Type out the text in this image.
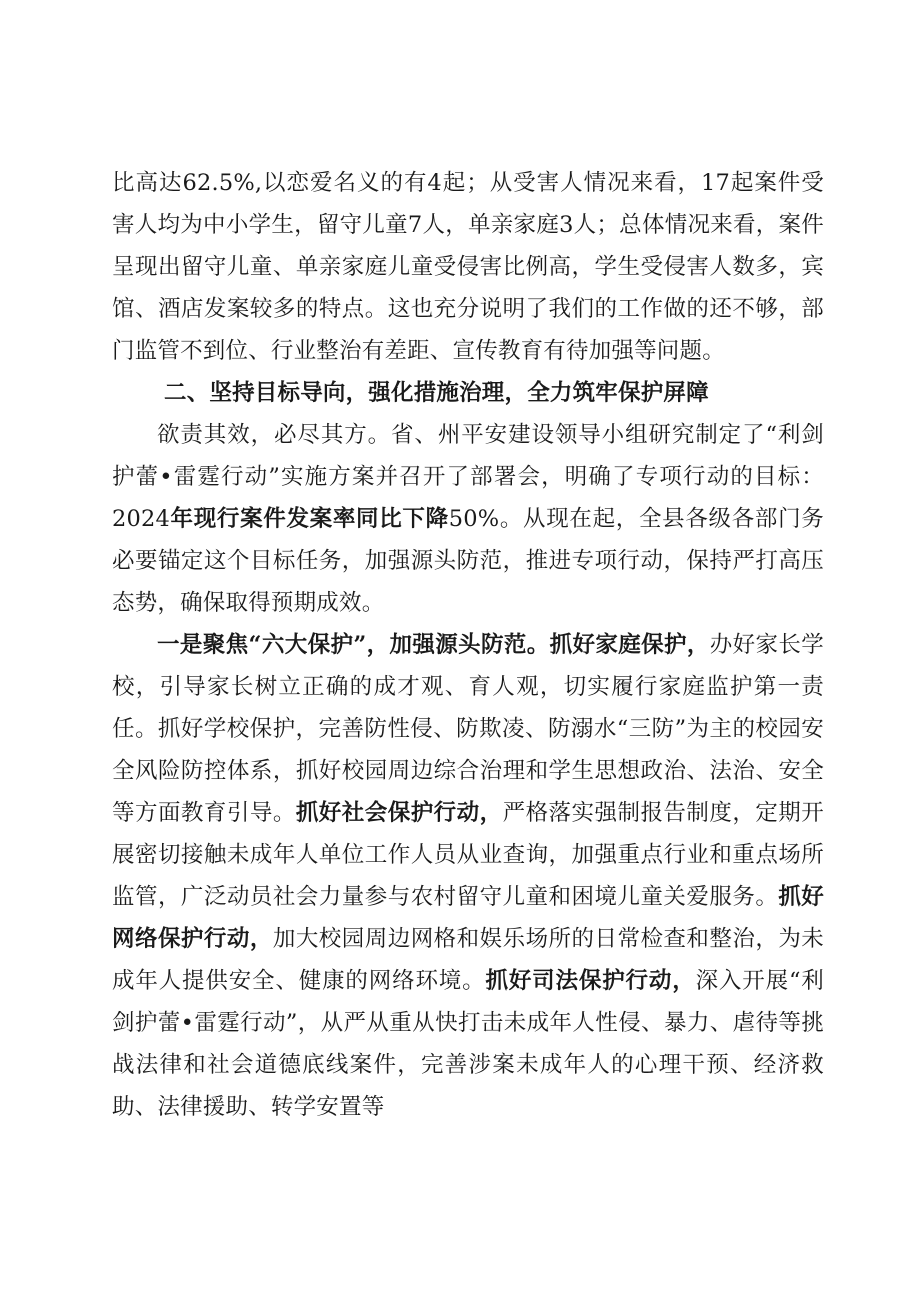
比高达62.5%,以恋爱名义的有4起；从受害人情况来看，17起案件受害人均为中小学生，留守儿童7人，单亲家庭3人；总体情况来看，案件呈现出留守儿童、单亲家庭儿童受侵害比例高，学生受侵害人数多，宾馆、酒店发案较多的特点。这也充分说明了我们的工作做的还不够，部门监管不到位、行业整治有差距、宣传教育有待加强等问题。

二、坚持目标导向，强化措施治理，全力筑牢保护屏障

欲责其效，必尽其方。省、州平安建设领导小组研究制定了“利剑护蕾•雷霆行动”实施方案并召开了部署会，明确了专项行动的目标：2024年现行案件发案率同比下降50%。从现在起，全县各级各部门务必要锚定这个目标任务，加强源头防范，推进专项行动，保持严打高压态势，确保取得预期成效。

一是聚焦“六大保护”，加强源头防范。抓好家庭保护，办好家长学校，引导家长树立正确的成才观、育人观，切实履行家庭监护第一责任。抓好学校保护，完善防性侵、防欺凌、防溺水“三防”为主的校园安全风险防控体系，抓好校园周边综合治理和学生思想政治、法治、安全等方面教育引导。抓好社会保护行动，严格落实强制报告制度，定期开展密切接触未成年人单位工作人员从业查询，加强重点行业和重点场所监管，广泛动员社会力量参与农村留守儿童和困境儿童关爱服务。抓好网络保护行动，加大校园周边网格和娱乐场所的日常检查和整治，为未成年人提供安全、健康的网络环境。抓好司法保护行动，深入开展“利剑护蕾•雷霆行动”，从严从重从快打击未成年人性侵、暴力、虐待等挑战法律和社会道德底线案件，完善涉案未成年人的心理干预、经济救助、法律援助、转学安置等
